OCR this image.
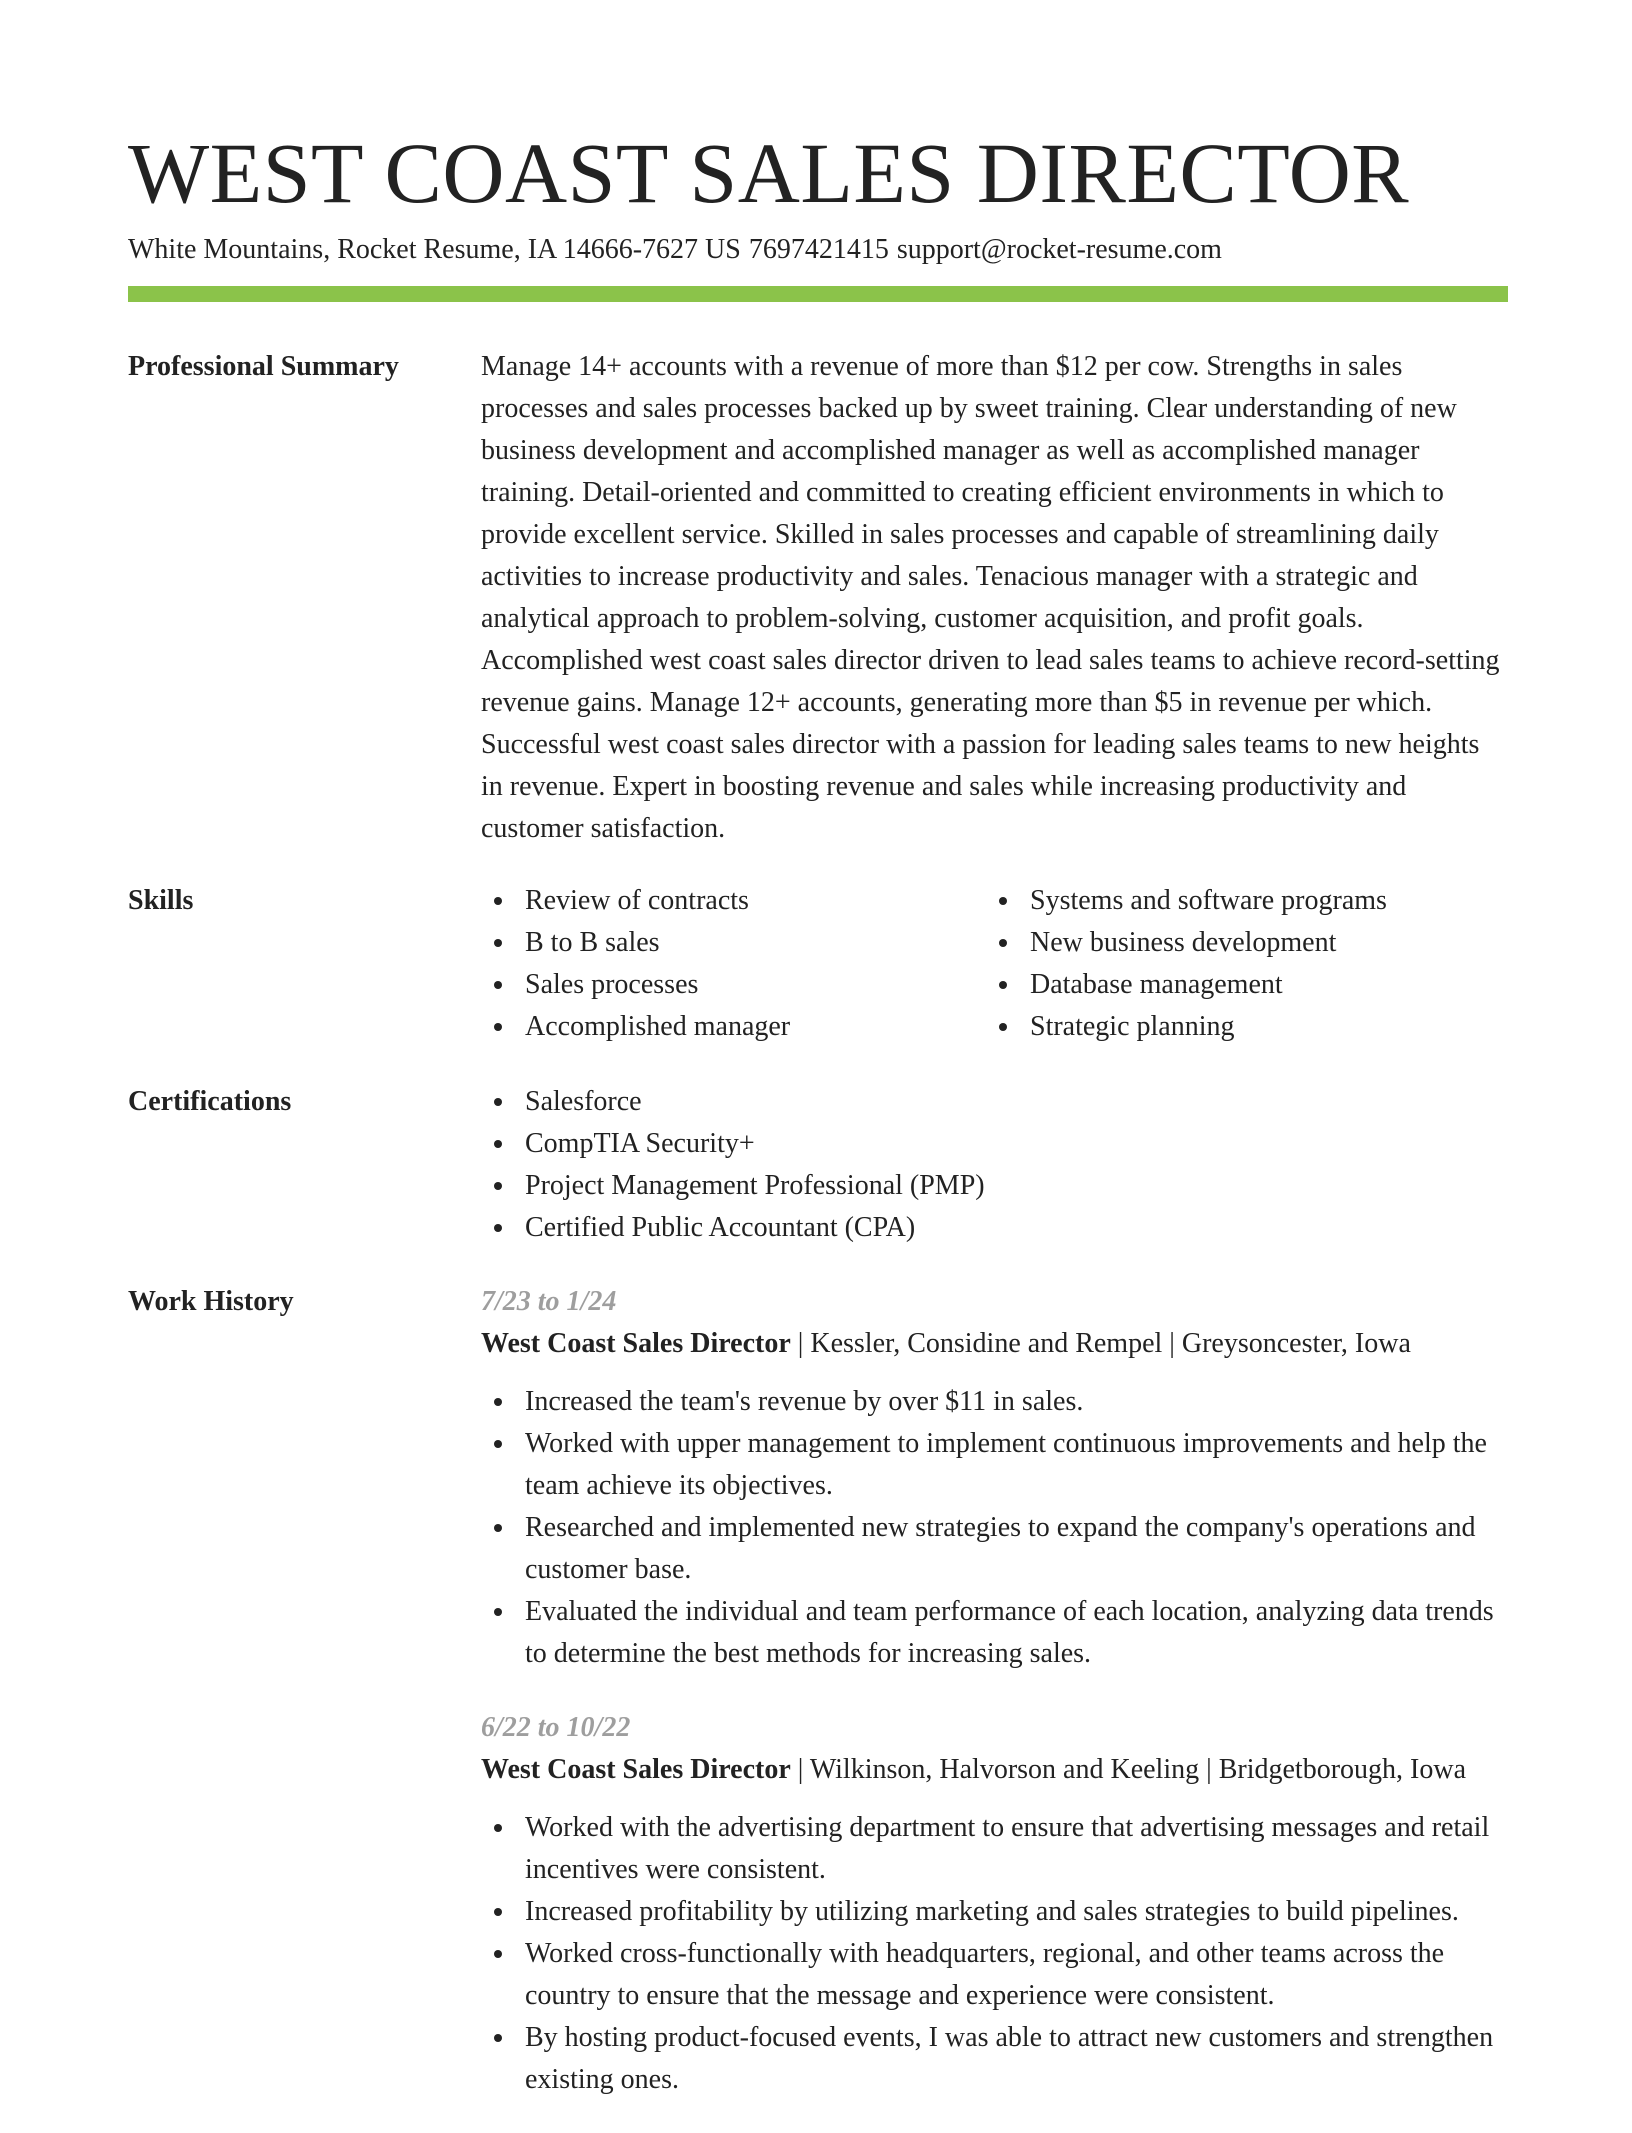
WEST COAST SALES DIRECTOR
White Mountains, Rocket Resume, IA 14666-7627 US 7697421415 support@rocket-resume.com
Professional Summary	Manage 14+ accounts with a revenue of more than $12 per cow. Strengths in sales processes and sales processes backed up by sweet training. Clear understanding of new business development and accomplished manager as well as accomplished manager training. Detail-oriented and committed to creating efficient environments in which to provide excellent service. Skilled in sales processes and capable of streamlining daily activities to increase productivity and sales. Tenacious manager with a strategic and analytical approach to problem-solving, customer acquisition, and profit goals. Accomplished west coast sales director driven to lead sales teams to achieve record-setting revenue gains. Manage 12+ accounts, generating more than $5 in revenue per which. Successful west coast sales director with a passion for leading sales teams to new heights in revenue. Expert in boosting revenue and sales while increasing productivity and customer satisfaction.

Skills	Review of contracts
B to B sales
Sales processes
Accomplished manager
Systems and software programs
New business development
Database management
Strategic planning
Certifications	Salesforce
CompTIA Security+
Project Management Professional (PMP)
Certified Public Accountant (CPA)
Work History	7/23 to 1/24
West Coast Sales Director | Kessler, Considine and Rempel | Greysoncester, Iowa
Increased the team's revenue by over $11 in sales.
Worked with upper management to implement continuous improvements and help the team achieve its objectives.
Researched and implemented new strategies to expand the company's operations and customer base.
Evaluated the individual and team performance of each location, analyzing data trends to determine the best methods for increasing sales.
6/22 to 10/22
West Coast Sales Director | Wilkinson, Halvorson and Keeling | Bridgetborough, Iowa
Worked with the advertising department to ensure that advertising messages and retail incentives were consistent.
Increased profitability by utilizing marketing and sales strategies to build pipelines.
Worked cross-functionally with headquarters, regional, and other teams across the country to ensure that the message and experience were consistent.
By hosting product-focused events, I was able to attract new customers and strengthen existing ones.
